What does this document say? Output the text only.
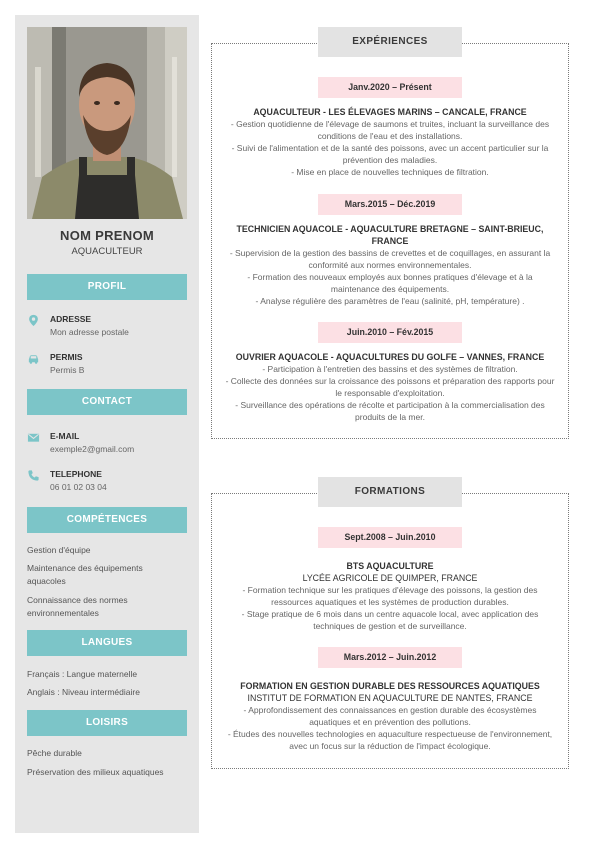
NOM PRENOM
AQUACULTEUR
PROFIL
ADRESSE
Mon adresse postale
PERMIS
Permis B
CONTACT
E-MAIL
exemple2@gmail.com
TELEPHONE
06 01 02 03 04
COMPÉTENCES
Gestion d'équipe
Maintenance des équipements aquacoles
Connaissance des normes environnementales
LANGUES
Français : Langue maternelle
Anglais : Niveau intermédiaire
LOISIRS
Pêche durable
Préservation des milieux aquatiques
EXPÉRIENCES
Janv.2020 – Présent
AQUACULTEUR - LES ÉLEVAGES MARINS – CANCALE, FRANCE
- Gestion quotidienne de l'élevage de saumons et truites, incluant la surveillance des conditions de l'eau et des installations.
- Suivi de l'alimentation et de la santé des poissons, avec un accent particulier sur la prévention des maladies.
- Mise en place de nouvelles techniques de filtration.
Mars.2015 – Déc.2019
TECHNICIEN AQUACOLE - AQUACULTURE BRETAGNE – SAINT-BRIEUC, FRANCE
- Supervision de la gestion des bassins de crevettes et de coquillages, en assurant la conformité aux normes environnementales.
- Formation des nouveaux employés aux bonnes pratiques d'élevage et à la maintenance des équipements.
- Analyse régulière des paramètres de l'eau (salinité, pH, température) .
Juin.2010 – Fév.2015
OUVRIER AQUACOLE - AQUACULTURES DU GOLFE – VANNES, FRANCE
- Participation à l'entretien des bassins et des systèmes de filtration.
- Collecte des données sur la croissance des poissons et préparation des rapports pour le responsable d'exploitation.
- Surveillance des opérations de récolte et participation à la commercialisation des produits de la mer.
FORMATIONS
Sept.2008 – Juin.2010
BTS AQUACULTURE
LYCÉE AGRICOLE DE QUIMPER, FRANCE
- Formation technique sur les pratiques d'élevage des poissons, la gestion des ressources aquatiques et les systèmes de production durables.
- Stage pratique de 6 mois dans un centre aquacole local, avec application des techniques de gestion et de surveillance.
Mars.2012 – Juin.2012
FORMATION EN GESTION DURABLE DES RESSOURCES AQUATIQUES
INSTITUT DE FORMATION EN AQUACULTURE DE NANTES, FRANCE
- Approfondissement des connaissances en gestion durable des écosystèmes aquatiques et en prévention des pollutions.
- Études des nouvelles technologies en aquaculture respectueuse de l'environnement, avec un focus sur la réduction de l'impact écologique.
